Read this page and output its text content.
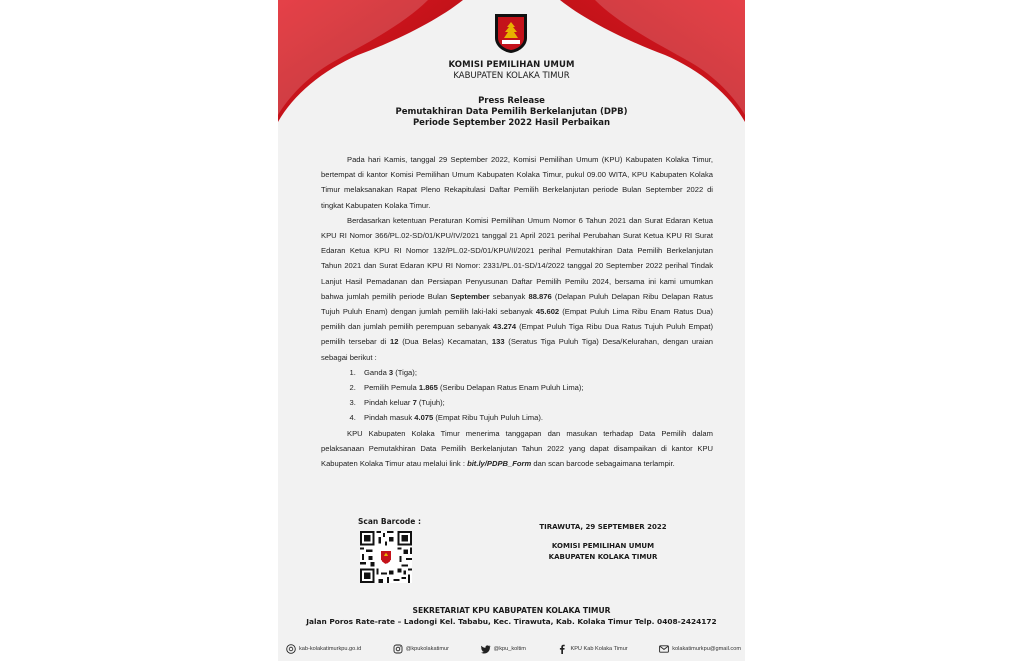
KOMISI PEMILIHAN UMUM
KABUPATEN KOLAKA TIMUR
Press Release
Pemutakhiran Data Pemilih Berkelanjutan (DPB)
Periode September 2022 Hasil Perbaikan

Pada hari Kamis, tanggal 29 September 2022, Komisi Pemilihan Umum (KPU) Kabupaten Kolaka Timur, bertempat di kantor Komisi Pemilihan Umum Kabupaten Kolaka Timur, pukul 09.00 WITA, KPU Kabupaten Kolaka Timur melaksanakan Rapat Pleno Rekapitulasi Daftar Pemilih Berkelanjutan periode Bulan September 2022 di tingkat Kabupaten Kolaka Timur.

Berdasarkan ketentuan Peraturan Komisi Pemilihan Umum Nomor 6 Tahun 2021 dan Surat Edaran Ketua KPU RI Nomor 366/PL.02-SD/01/KPU/IV/2021 tanggal 21 April 2021 perihal Perubahan Surat Ketua KPU RI Surat Edaran Ketua KPU RI Nomor 132/PL.02-SD/01/KPU/II/2021 perihal Pemutakhiran Data Pemilih Berkelanjutan Tahun 2021 dan Surat Edaran KPU RI Nomor: 2331/PL.01-SD/14/2022 tanggal 20 September 2022 perihal Tindak Lanjut Hasil Pemadanan dan Persiapan Penyusunan Daftar Pemilih Pemilu 2024, bersama ini kami umumkan bahwa jumlah pemilih periode Bulan September sebanyak 88.876 (Delapan Puluh Delapan Ribu Delapan Ratus Tujuh Puluh Enam) dengan jumlah pemilih laki-laki sebanyak 45.602 (Empat Puluh Lima Ribu Enam Ratus Dua) pemilih dan jumlah pemilih perempuan sebanyak 43.274 (Empat Puluh Tiga Ribu Dua Ratus Tujuh Puluh Empat) pemilih tersebar di 12 (Dua Belas) Kecamatan, 133 (Seratus Tiga Puluh Tiga) Desa/Kelurahan, dengan uraian sebagai berikut :

1. Ganda 3 (Tiga);
2. Pemilih Pemula 1.865 (Seribu Delapan Ratus Enam Puluh Lima);
3. Pindah keluar 7 (Tujuh);
4. Pindah masuk 4.075 (Empat Ribu Tujuh Puluh Lima).

KPU Kabupaten Kolaka Timur menerima tanggapan dan masukan terhadap Data Pemilih dalam pelaksanaan Pemutakhiran Data Pemilih Berkelanjutan Tahun 2022 yang dapat disampaikan di kantor KPU Kabupaten Kolaka Timur atau melalui link : bit.ly/PDPB_Form dan scan barcode sebagaimana terlampir.

Scan Barcode :
TIRAWUTA, 29 SEPTEMBER 2022
KOMISI PEMILIHAN UMUM
KABUPATEN KOLAKA TIMUR
SEKRETARIAT KPU KABUPATEN KOLAKA TIMUR
Jalan Poros Rate-rate – Ladongi Kel. Tababu, Kec. Tirawuta, Kab. Kolaka Timur Telp. 0408-2424172
kab-kolakatimurkpu.go.id	@kpukolakatimur	@kpu_koltim	KPU Kab Kolaka Timur	kolakatimurkpu@gmail.com
